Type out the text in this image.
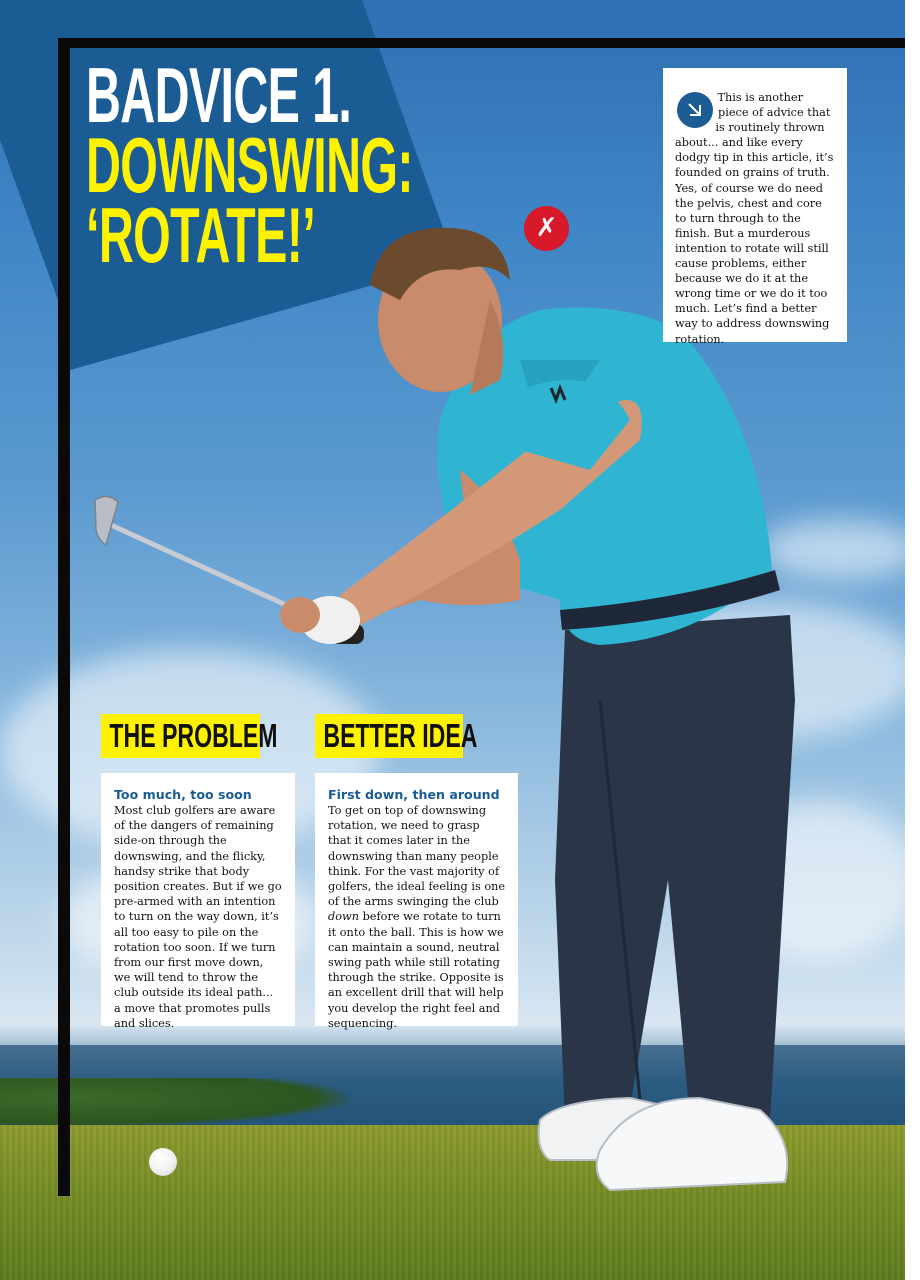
BADVICE 1.
DOWNSWING:
‘ROTATE!’
This is another piece of advice that is routinely thrown about... and like every dodgy tip in this article, it’s founded on grains of truth. Yes, of course we do need the pelvis, chest and core to turn through to the finish. But a murderous intention to rotate will still cause problems, either because we do it at the wrong time or we do it too much. Let’s find a better way to address downswing rotation.
✗
THE PROBLEM BETTER IDEA
Too much, too soon

Most club golfers are aware of the dangers of remaining side-on through the downswing, and the flicky, handsy strike that body position creates. But if we go pre-armed with an intention to turn on the way down, it’s all too easy to pile on the rotation too soon. If we turn from our first move down, we will tend to throw the club outside its ideal path... a move that promotes pulls and slices.

First down, then around

To get on top of downswing rotation, we need to grasp that it comes later in the downswing than many people think. For the vast majority of golfers, the ideal feeling is one of the arms swinging the club down before we rotate to turn it onto the ball. This is how we can maintain a sound, neutral swing path while still rotating through the strike. Opposite is an excellent drill that will help you develop the right feel and sequencing.
